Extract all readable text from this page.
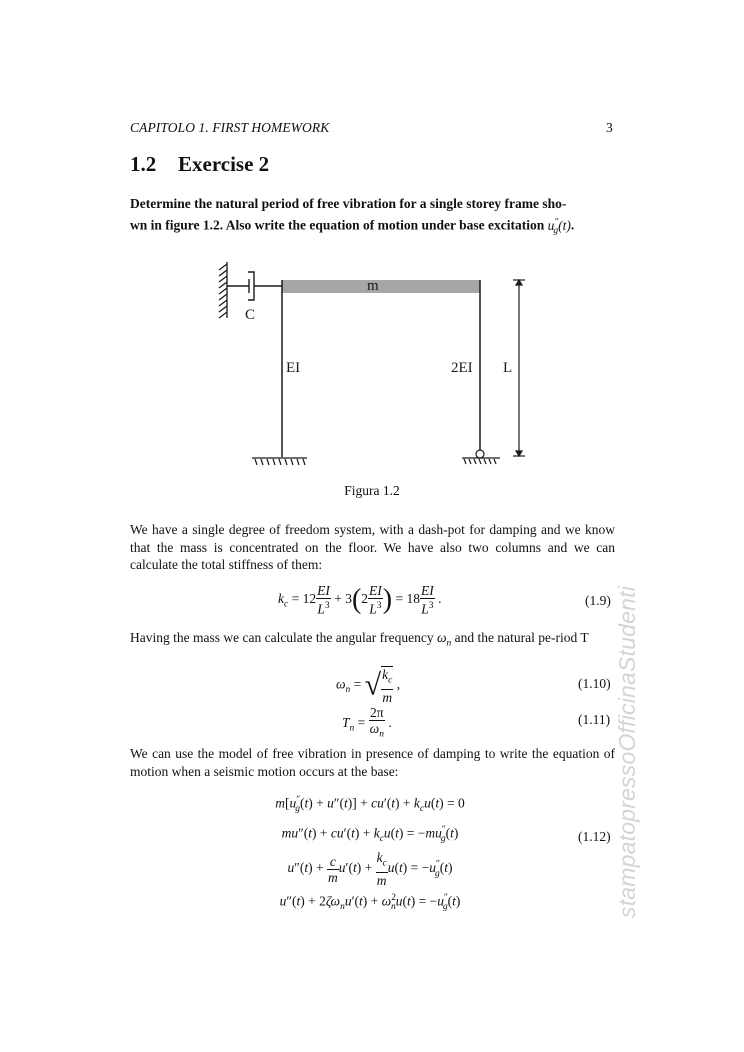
CAPITOLO 1. FIRST HOMEWORK	3
1.2 Exercise 2
Determine the natural period of free vibration for a single storey frame sho-
wn in figure 1.2. Also write the equation of motion under base excitation $u''_g(t)$.
C
m
EI	2EI L
Figura 1.2
We have a single degree of freedom system, with a dash-pot for damping and we know that the mass is concentrated on the floor. We have also two columns and we can calculate the total stiffness of them:
$k_c = 12 \frac{EI}{L^3} + 3(2 \frac{EI}{L^3}$ ) = $18 \frac{EI}{L^3}$ .	(1.9)
Having the mass we can calculate the angular frequency $\omega_n$ and the natural pe-riod T
$\omega_n$ = √ $\frac{k_c}{m}$ ,	(1.10)
$T_n = \frac{2\pi}{\omega_n}$ .	(1.11)
We can use the model of free vibration in presence of damping to write the equation of motion when a seismic motion occurs at the base:
$m[u''_g(t) + u''(t)] + cu'(t) + k_cu(t) = 0$
$mu''(t) + cu'(t) + k_cu(t) = -mu''_g(t)$
$u''(t) + \frac{c}{m} u'(t) + \frac{k_c}{m} u(t) = -u''_g(t)$
$u''(t) + 2\zeta\omega_nu'(t) + \omega^2_nu(t) = -u''_g(t)$
(1.12) stampatopressoOfficinaStudenti
